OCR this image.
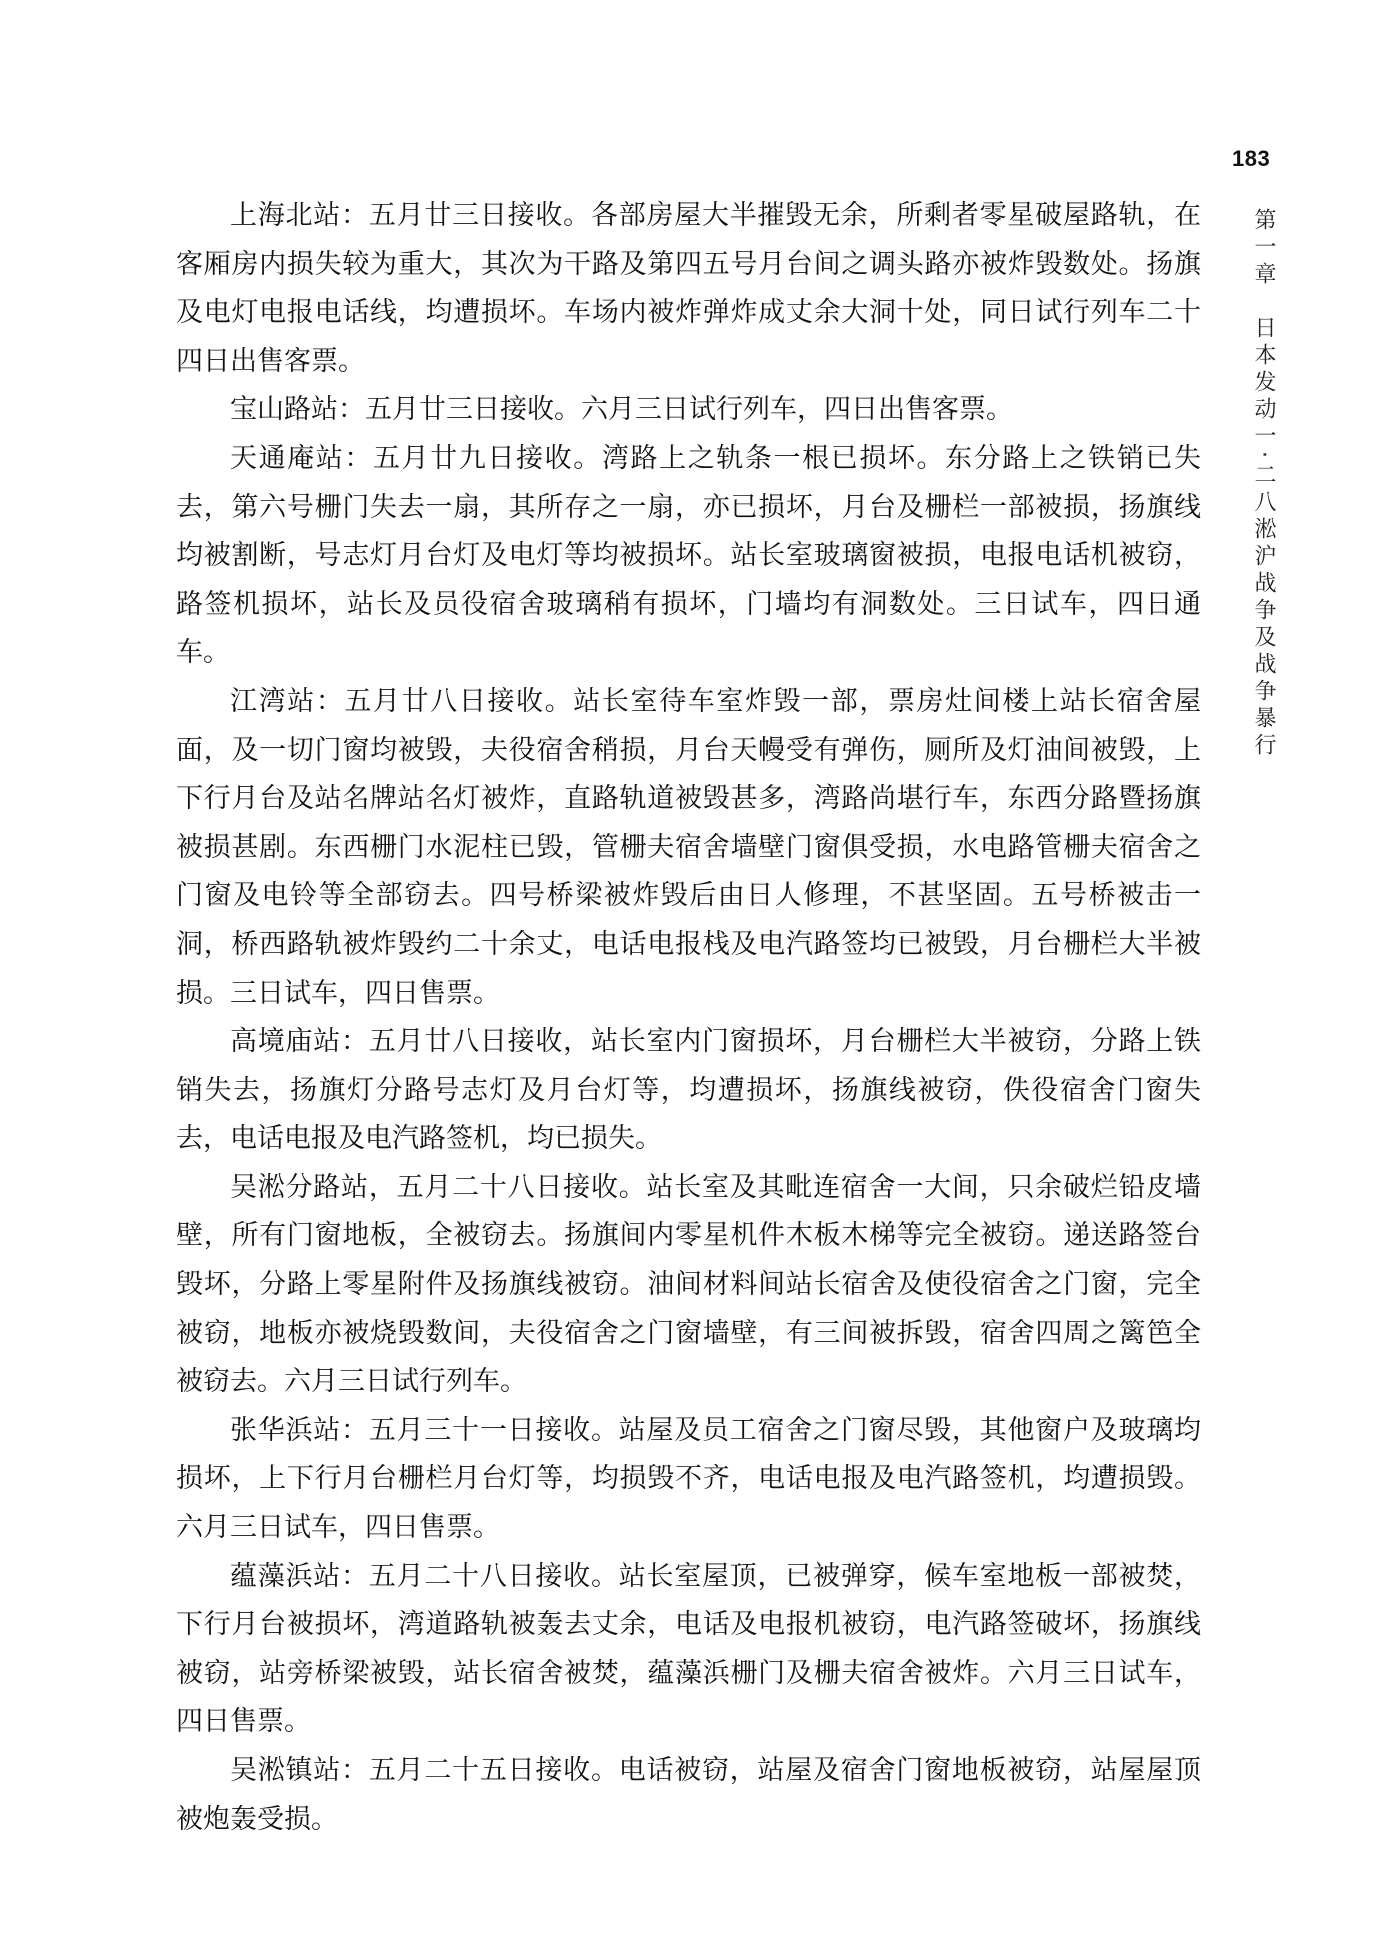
183
第一章　日本发动一·二八淞沪战争及战争暴行

上海北站：五月廿三日接收。各部房屋大半摧毁无余，所剩者零星破屋路轨，在客厢房内损失较为重大，其次为干路及第四五号月台间之调头路亦被炸毁数处。扬旗及电灯电报电话线，均遭损坏。车场内被炸弹炸成丈余大洞十处，同日试行列车二十四日出售客票。

宝山路站：五月廿三日接收。六月三日试行列车，四日出售客票。

天通庵站：五月廿九日接收。湾路上之轨条一根已损坏。东分路上之铁销已失去，第六号栅门失去一扇，其所存之一扇，亦已损坏，月台及栅栏一部被损，扬旗线均被割断，号志灯月台灯及电灯等均被损坏。站长室玻璃窗被损，电报电话机被窃，路签机损坏，站长及员役宿舍玻璃稍有损坏，门墙均有洞数处。三日试车，四日通车。

江湾站：五月廿八日接收。站长室待车室炸毁一部，票房灶间楼上站长宿舍屋面，及一切门窗均被毁，夫役宿舍稍损，月台天幔受有弹伤，厕所及灯油间被毁，上下行月台及站名牌站名灯被炸，直路轨道被毁甚多，湾路尚堪行车，东西分路暨扬旗被损甚剧。东西栅门水泥柱已毁，管栅夫宿舍墙壁门窗俱受损，水电路管栅夫宿舍之门窗及电铃等全部窃去。四号桥梁被炸毁后由日人修理，不甚坚固。五号桥被击一洞，桥西路轨被炸毁约二十余丈，电话电报栈及电汽路签均已被毁，月台栅栏大半被损。三日试车，四日售票。

高境庙站：五月廿八日接收，站长室内门窗损坏，月台栅栏大半被窃，分路上铁销失去，扬旗灯分路号志灯及月台灯等，均遭损坏，扬旗线被窃，佚役宿舍门窗失去，电话电报及电汽路签机，均已损失。

吴淞分路站，五月二十八日接收。站长室及其毗连宿舍一大间，只余破烂铅皮墙壁，所有门窗地板，全被窃去。扬旗间内零星机件木板木梯等完全被窃。递送路签台毁坏，分路上零星附件及扬旗线被窃。油间材料间站长宿舍及使役宿舍之门窗，完全被窃，地板亦被烧毁数间，夫役宿舍之门窗墙壁，有三间被拆毁，宿舍四周之篱笆全被窃去。六月三日试行列车。

张华浜站：五月三十一日接收。站屋及员工宿舍之门窗尽毁，其他窗户及玻璃均损坏，上下行月台栅栏月台灯等，均损毁不齐，电话电报及电汽路签机，均遭损毁。六月三日试车，四日售票。

蕴藻浜站：五月二十八日接收。站长室屋顶，已被弹穿，候车室地板一部被焚，下行月台被损坏，湾道路轨被轰去丈余，电话及电报机被窃，电汽路签破坏，扬旗线被窃，站旁桥梁被毁，站长宿舍被焚，蕴藻浜栅门及栅夫宿舍被炸。六月三日试车，四日售票。

吴淞镇站：五月二十五日接收。电话被窃，站屋及宿舍门窗地板被窃，站屋屋顶被炮轰受损。
